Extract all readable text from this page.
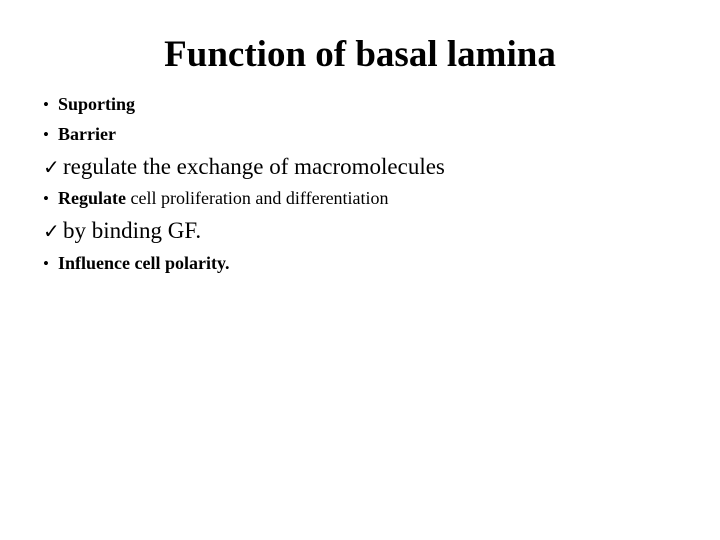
Function of basal lamina
• Suporting
• Barrier
✓ regulate the exchange of macromolecules
• Regulate cell proliferation and differentiation
✓ by binding GF.
• Influence cell polarity.
